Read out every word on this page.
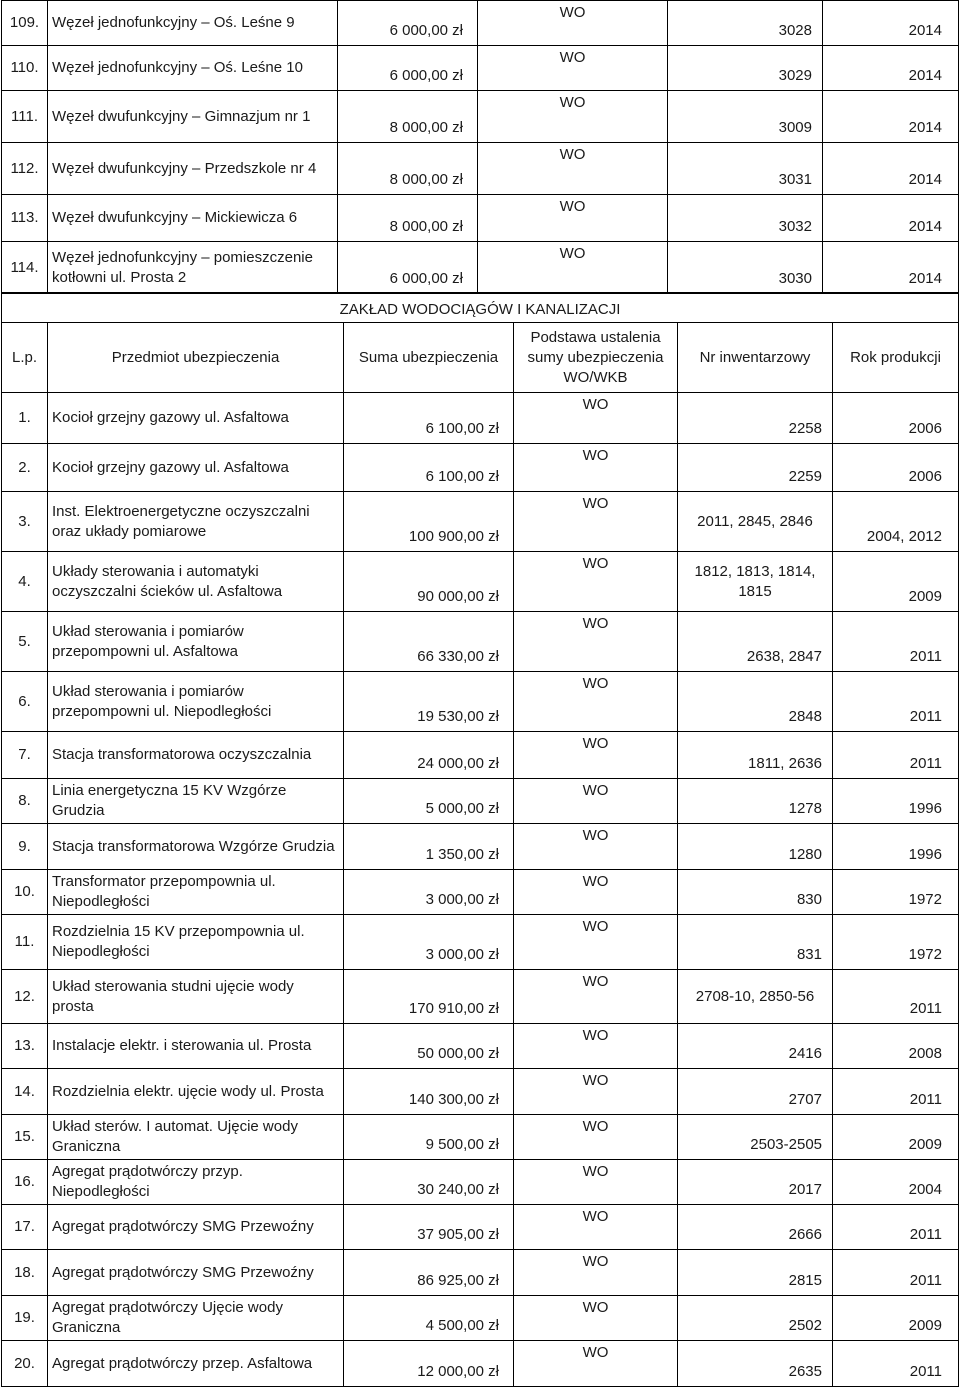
109.	Węzeł jednofunkcyjny – Oś. Leśne 9	6 000,00 zł	WO	3028	2014
110.	Węzeł jednofunkcyjny – Oś. Leśne 10	6 000,00 zł	WO	3029	2014
111.	Węzeł dwufunkcyjny – Gimnazjum nr 1	8 000,00 zł	WO	3009	2014
112.	Węzeł dwufunkcyjny – Przedszkole nr 4	8 000,00 zł	WO	3031	2014
113.	Węzeł dwufunkcyjny – Mickiewicza 6	8 000,00 zł	WO	3032	2014
114.	Węzeł jednofunkcyjny – pomieszczenie kotłowni ul. Prosta 2	6 000,00 zł	WO	3030	2014
ZAKŁAD WODOCIĄGÓW I KANALIZACJI					
L.p.	Przedmiot ubezpieczenia	Suma ubezpieczenia	Podstawa ustalenia sumy ubezpieczenia WO/WKB	Nr inwentarzowy	Rok produkcji
1.	Kocioł grzejny gazowy ul. Asfaltowa	6 100,00 zł	WO	2258	2006
2.	Kocioł grzejny gazowy ul. Asfaltowa	6 100,00 zł	WO	2259	2006
3.	Inst. Elektroenergetyczne oczyszczalni oraz układy pomiarowe	100 900,00 zł	WO	2011, 2845, 2846	2004, 2012
4.	Układy sterowania i automatyki oczyszczalni ścieków ul. Asfaltowa	90 000,00 zł	WO	1812, 1813, 1814, 1815	2009
5.	Układ sterowania i pomiarów przepompowni ul. Asfaltowa	66 330,00 zł	WO	2638, 2847	2011
6.	Układ sterowania i pomiarów przepompowni ul. Niepodległości	19 530,00 zł	WO	2848	2011
7.	Stacja transformatorowa oczyszczalnia	24 000,00 zł	WO	1811, 2636	2011
8.	Linia energetyczna 15 KV Wzgórze Grudzia	5 000,00 zł	WO	1278	1996
9.	Stacja transformatorowa Wzgórze Grudzia	1 350,00 zł	WO	1280	1996
10.	Transformator przepompownia ul. Niepodległości	3 000,00 zł	WO	830	1972
11.	Rozdzielnia 15 KV przepompownia ul. Niepodległości	3 000,00 zł	WO	831	1972
12.	Układ sterowania studni ujęcie wody prosta	170 910,00 zł	WO	2708-10, 2850-56	2011
13.	Instalacje elektr. i sterowania ul. Prosta	50 000,00 zł	WO	2416	2008
14.	Rozdzielnia elektr. ujęcie wody ul. Prosta	140 300,00 zł	WO	2707	2011
15.	Układ sterów. I automat. Ujęcie wody Graniczna	9 500,00 zł	WO	2503-2505	2009
16.	Agregat prądotwórczy przyp. Niepodległości	30 240,00 zł	WO	2017	2004
17.	Agregat prądotwórczy SMG Przewoźny	37 905,00 zł	WO	2666	2011
18.	Agregat prądotwórczy SMG Przewoźny	86 925,00 zł	WO	2815	2011
19.	Agregat prądotwórczy Ujęcie wody Graniczna	4 500,00 zł	WO	2502	2009
20.	Agregat prądotwórczy przep. Asfaltowa	12 000,00 zł	WO	2635	2011
